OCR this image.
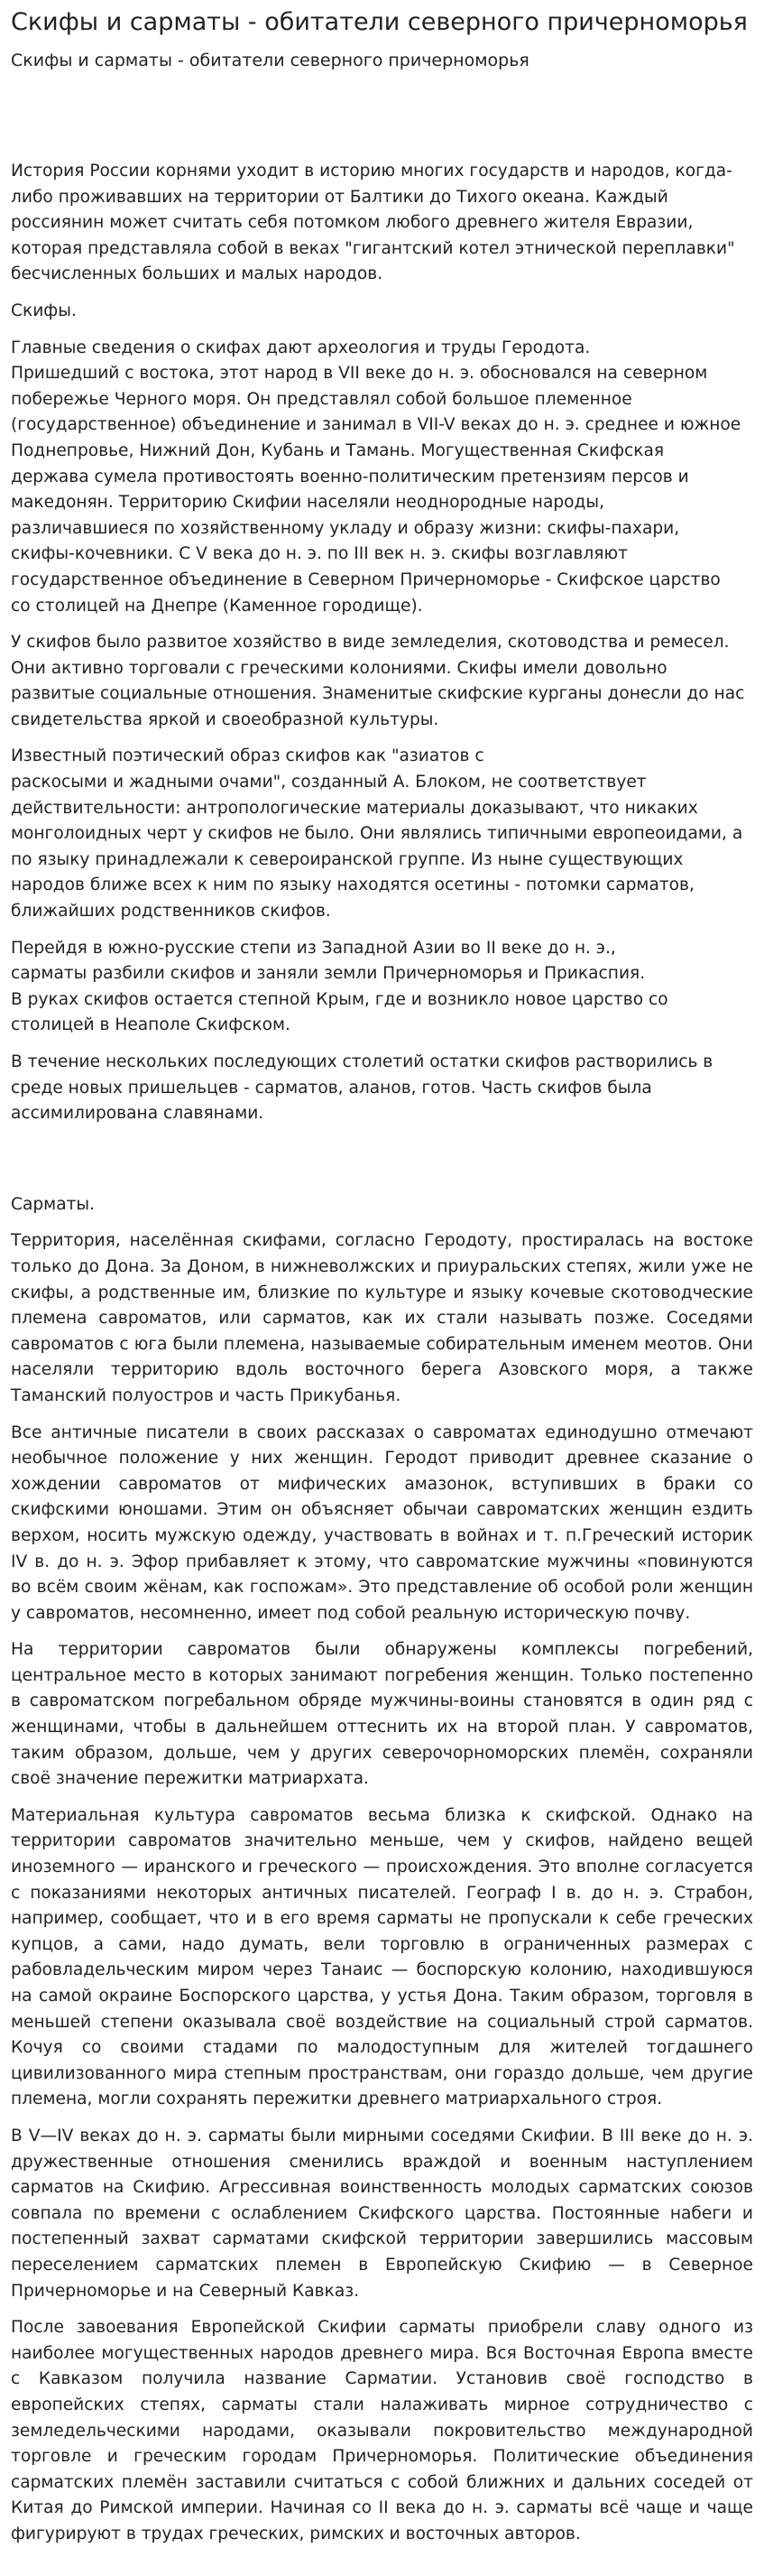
Скифы и сарматы - обитатели северного причерноморья
Скифы и сарматы - обитатели северного причерноморья

История России корнями уходит в историю многих государств и народов, когда-
либо проживавших на территории от Балтики до Тихого океана. Каждый
россиянин может считать себя потомком любого древнего жителя Евразии,
которая представляла собой в веках "гигантский котел этнической переплавки"
бесчисленных больших и малых народов.

Скифы.

Главные сведения о скифах дают археология и труды Геродота.
Пришедший с востока, этот народ в VII веке до н. э. обосновался на северном
побережье Черного моря. Он представлял собой большое племенное
(государственное) объединение и занимал в VII-V веках до н. э. среднее и южное
Поднепровье, Нижний Дон, Кубань и Тамань. Могущественная Скифская
держава сумела противостоять военно-политическим претензиям персов и
македонян. Территорию Скифии населяли неоднородные народы,
различавшиеся по хозяйственному укладу и образу жизни: скифы-пахари,
скифы-кочевники. С V века до н. э. по III век н. э. скифы возглавляют
государственное объединение в Северном Причерноморье - Скифское царство
со столицей на Днепре (Каменное городище).

У скифов было развитое хозяйство в виде земледелия, скотоводства и ремесел.
Они активно торговали с греческими колониями. Скифы имели довольно
развитые социальные отношения. Знаменитые скифские курганы донесли до нас
свидетельства яркой и своеобразной культуры.

Известный поэтический образ скифов как "азиатов с
раскосыми и жадными очами", созданный А. Блоком, не соответствует
действительности: антропологические материалы доказывают, что никаких
монголоидных черт у скифов не было. Они являлись типичными европеоидами, а
по языку принадлежали к североиранской группе. Из ныне существующих
народов ближе всех к ним по языку находятся осетины - потомки сарматов,
ближайших родственников скифов.

Перейдя в южно-русские степи из Западной Азии во II веке до н. э.,
сарматы разбили скифов и заняли земли Причерноморья и Прикаспия.
В руках скифов остается степной Крым, где и возникло новое царство со
столицей в Неаполе Скифском.

В течение нескольких последующих столетий остатки скифов растворились в
среде новых пришельцев - сарматов, аланов, готов. Часть скифов была
ассимилирована славянами.

Сарматы.

Территория, населённая скифами, согласно Геродоту, простиралась на востоке только до Дона. За Доном, в нижневолжских и приуральских степях, жили уже не скифы, а родственные им, близкие по культуре и языку кочевые скотоводческие племена савроматов, или сарматов, как их стали называть позже. Соседями савроматов с юга были племена, называемые собирательным именем меотов. Они населяли территорию вдоль восточного берега Азовского моря, а также Таманский полуостров и часть Прикубанья.

Все античные писатели в своих рассказах о савроматах единодушно отмечают необычное положение у них женщин. Геродот приводит древнее сказание о хождении савроматов от мифических амазонок, вступивших в браки со скифскими юношами. Этим он объясняет обычаи савроматских женщин ездить верхом, носить мужскую одежду, участвовать в войнах и т. п.Греческий историк IV в. до н. э. Эфор прибавляет к этому, что савроматские мужчины «повинуются во всём своим жёнам, как госпожам». Это представление об особой роли женщин у савроматов, несомненно, имеет под собой реальную историческую почву.

На территории савроматов были обнаружены комплексы погребений, центральное место в которых занимают погребения женщин. Только постепенно в савроматском погребальном обряде мужчины-воины становятся в один ряд с женщинами, чтобы в дальнейшем оттеснить их на второй план. У савроматов, таким образом, дольше, чем у других северочорноморских племён, сохраняли своё значение пережитки матриархата.

Материальная культура савроматов весьма близка к скифской. Однако на территории савроматов значительно меньше, чем у скифов, найдено вещей иноземного — иранского и греческого — происхождения. Это вполне согласуется с показаниями некоторых античных писателей. Географ I в. до н. э. Страбон, например, сообщает, что и в его время сарматы не пропускали к себе греческих купцов, а сами, надо думать, вели торговлю в ограниченных размерах с рабовладельческим миром через Танаис — боспорскую колонию, находившуюся на самой окраине Боспорского царства, у устья Дона. Таким образом, торговля в меньшей степени оказывала своё воздействие на социальный строй сарматов. Кочуя со своими стадами по малодоступным для жителей тогдашнего цивилизованного мира степным пространствам, они гораздо дольше, чем другие племена, могли сохранять пережитки древнего матриархального строя.

В V—IV веках до н. э. сарматы были мирными соседями Скифии. В III веке до н. э. дружественные отношения сменились враждой и военным наступлением сарматов на Скифию. Агрессивная воинственность молодых сарматских союзов совпала по времени с ослаблением Скифского царства. Постоянные набеги и постепенный захват сарматами скифской территории завершились массовым переселением сарматских племен в Европейскую Скифию — в Северное Причерноморье и на Северный Кавказ.

После завоевания Европейской Скифии сарматы приобрели славу одного из наиболее могущественных народов древнего мира. Вся Восточная Европа вместе с Кавказом получила название Сарматии. Установив своё господство в европейских степях, сарматы стали налаживать мирное сотрудничество с земледельческими народами, оказывали покровительство международной торговле и греческим городам Причерноморья. Политические объединения сарматских племён заставили считаться с собой ближних и дальних соседей от Китая до Римской империи. Начиная со II века до н. э. сарматы всё чаще и чаще фигурируют в трудах греческих, римских и восточных авторов.
